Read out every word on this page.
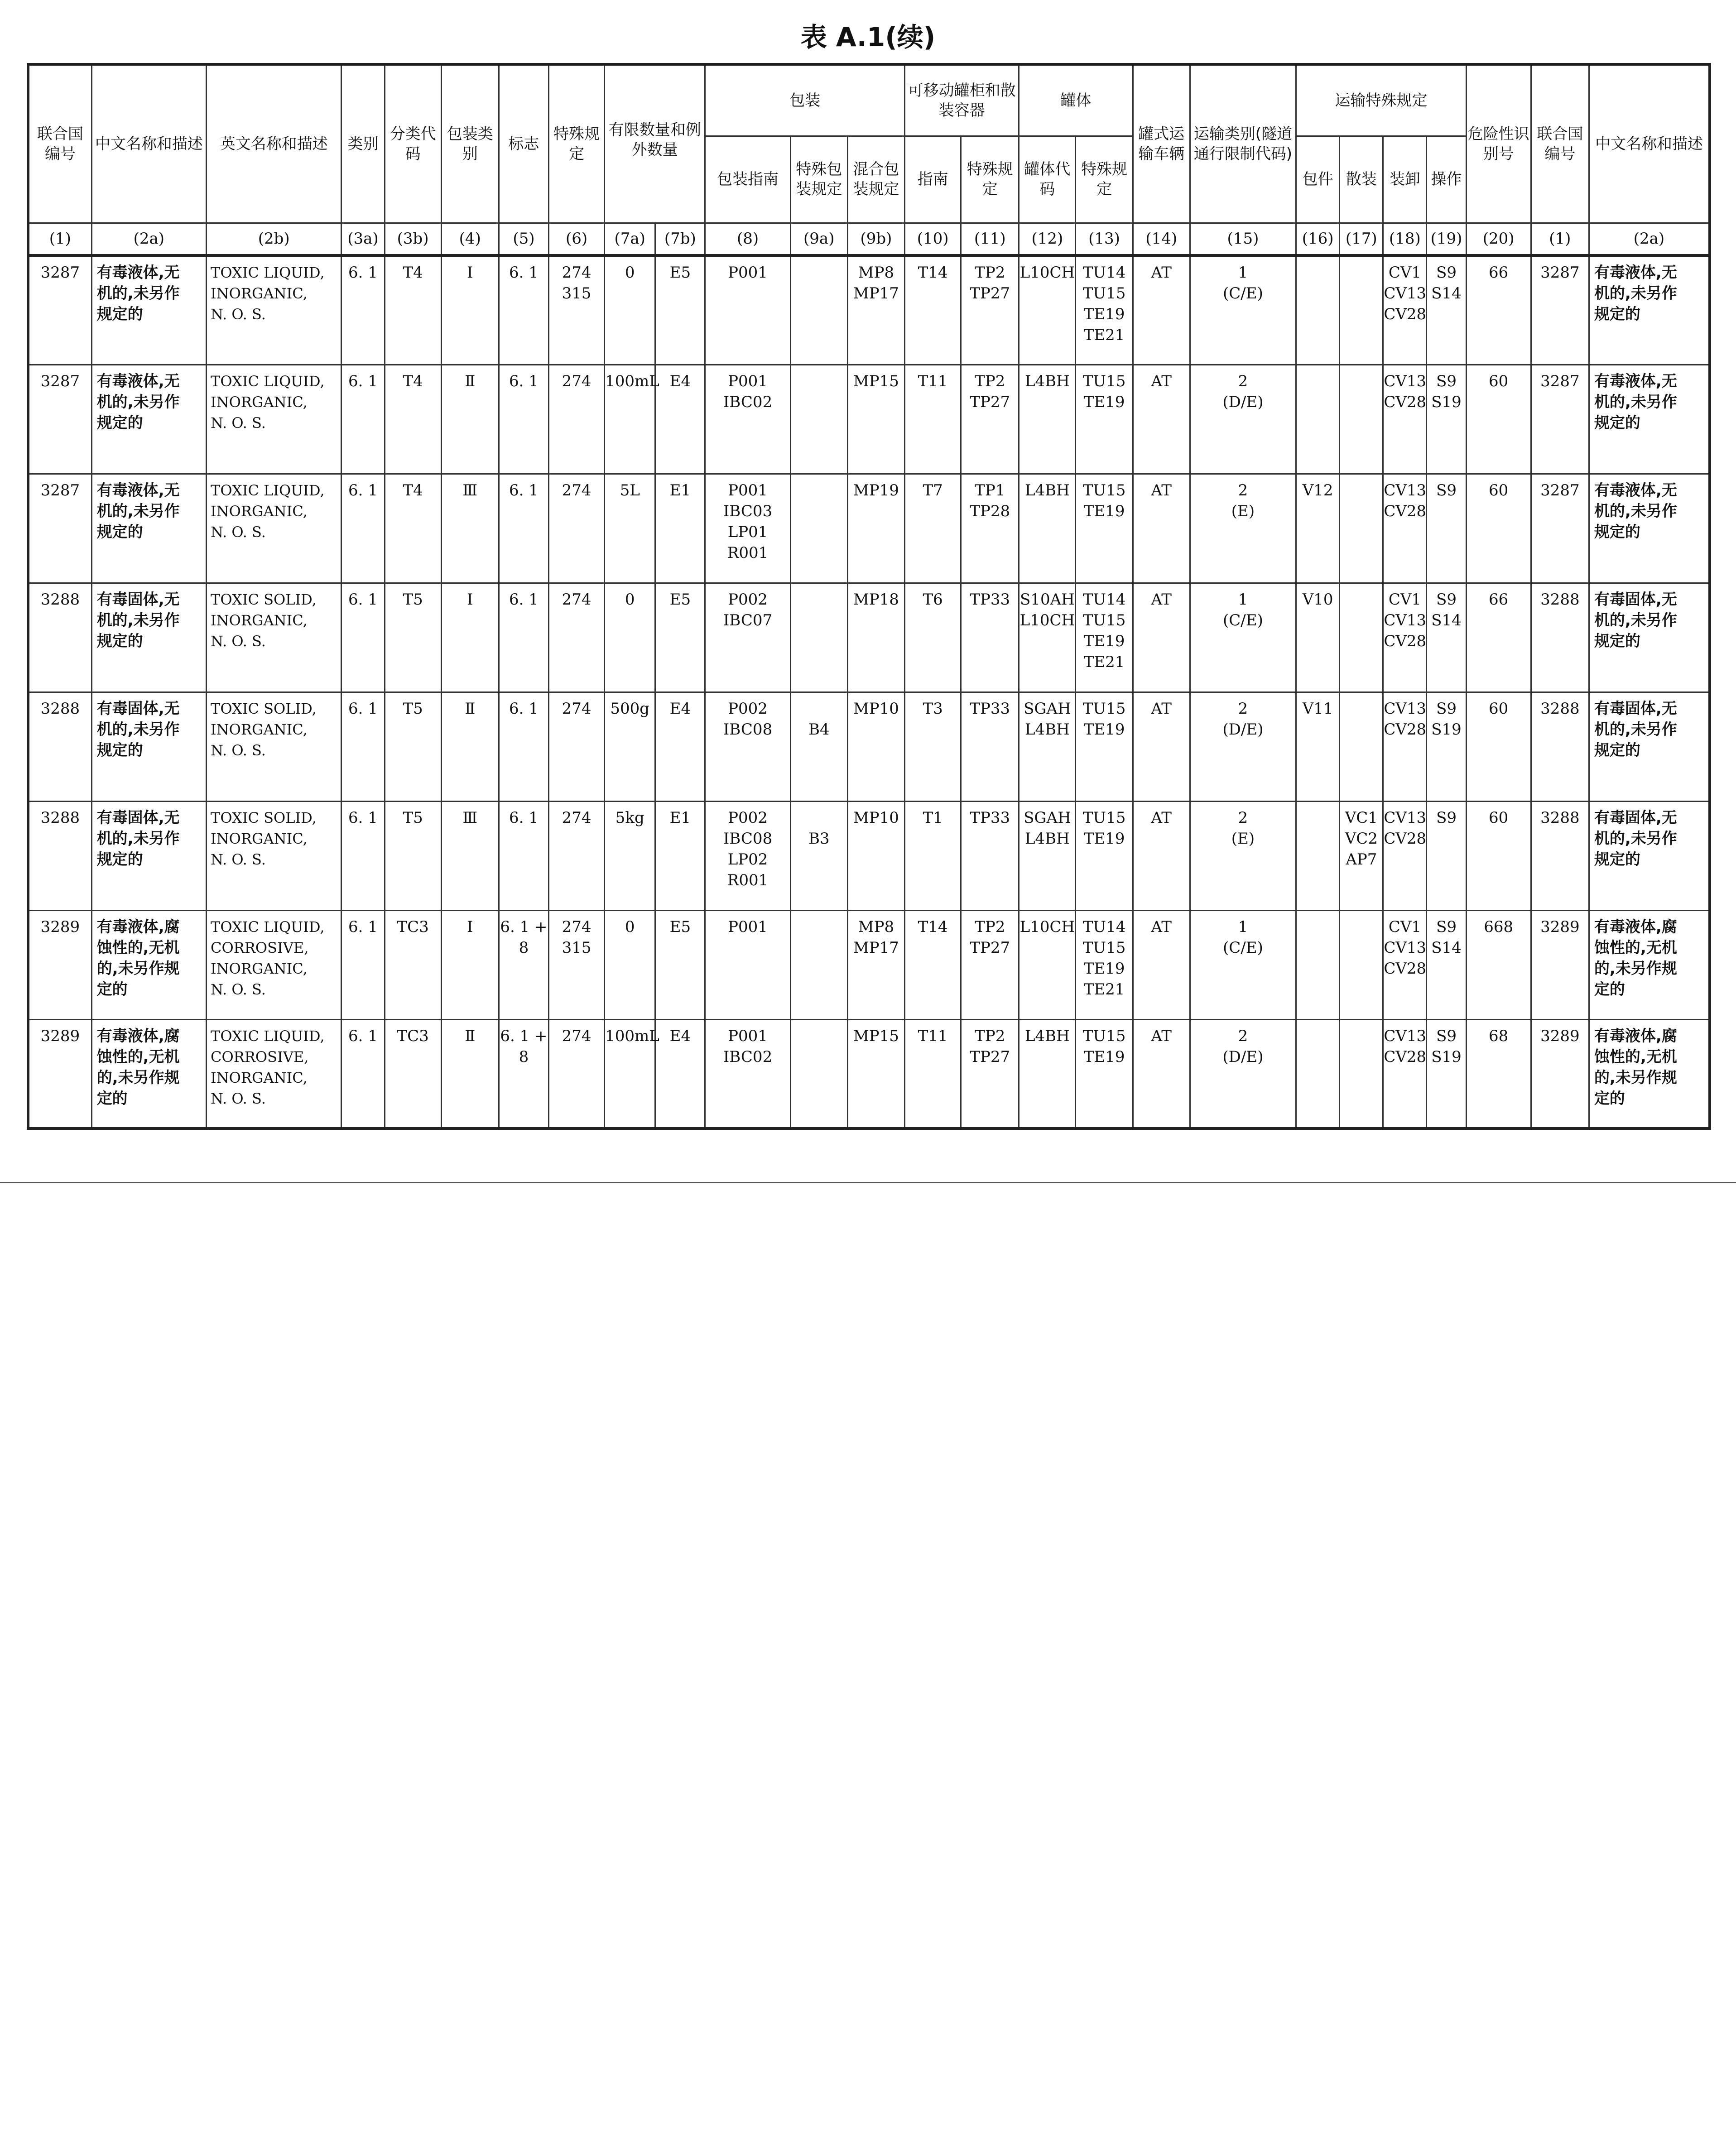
表 A.1(续)
联合国编号	中文名称和描述	英文名称和描述	类别	分类代码	包装类别	标志	特殊规定	有限数量和例外数量		包装			可移动罐柜和散装容器		罐体		罐式运输车辆	运输类别(隧道通行限制代码)	运输特殊规定				危险性识别号	联合国编号	中文名称和描述
										包装指南	特殊包装规定	混合包装规定	指南	特殊规定	罐体代码	特殊规定			包件	散装	装卸	操作			
(1)	(2a)	(2b)	(3a)	(3b)	(4)	(5)	(6)	(7a)	(7b)	(8)	(9a)	(9b)	(10)	(11)	(12)	(13)	(14)	(15)	(16)	(17)	(18)	(19)	(20)	(1)	(2a)
3287	有毒液体,无
机的,未另作
规定的	TOXIC LIQUID,
INORGANIC,
N. O. S.	6. 1	T4	Ⅰ	6. 1	274
315	0	E5	P001		MP8
MP17	T14	TP2
TP27	L10CH	TU14
TU15
TE19
TE21	AT	1
(C/E)			CV1
CV13
CV28	S9
S14	66	3287	有毒液体,无
机的,未另作
规定的

3287	有毒液体,无
机的,未另作
规定的	TOXIC LIQUID,
INORGANIC,
N. O. S.	6. 1	T4	Ⅱ	6. 1	274	100mL	E4	P001
IBC02		MP15	T11	TP2
TP27	L4BH	TU15
TE19	AT	2
(D/E)			CV13
CV28	S9
S19	60	3287	有毒液体,无
机的,未另作
规定的

3287	有毒液体,无
机的,未另作
规定的	TOXIC LIQUID,
INORGANIC,
N. O. S.	6. 1	T4	Ⅲ	6. 1	274	5L	E1	P001
IBC03
LP01
R001		MP19	T7	TP1
TP28	L4BH	TU15
TE19	AT	2
(E)	V12		CV13
CV28	S9	60	3287	有毒液体,无
机的,未另作
规定的

3288	有毒固体,无
机的,未另作
规定的	TOXIC SOLID,
INORGANIC,
N. O. S.	6. 1	T5	Ⅰ	6. 1	274	0	E5	P002
IBC07		MP18	T6	TP33	S10AH
L10CH	TU14
TU15
TE19
TE21	AT	1
(C/E)	V10		CV1
CV13
CV28	S9
S14	66	3288	有毒固体,无
机的,未另作
规定的

3288	有毒固体,无
机的,未另作
规定的	TOXIC SOLID,
INORGANIC,
N. O. S.	6. 1	T5	Ⅱ	6. 1	274	500g	E4	P002
IBC08	B4	MP10	T3	TP33	SGAH
L4BH	TU15
TE19	AT	2
(D/E)	V11		CV13
CV28	S9
S19	60	3288	有毒固体,无
机的,未另作
规定的

3288	有毒固体,无
机的,未另作
规定的	TOXIC SOLID,
INORGANIC,
N. O. S.	6. 1	T5	Ⅲ	6. 1	274	5kg	E1	P002
IBC08
LP02
R001	B3	MP10	T1	TP33	SGAH
L4BH	TU15
TE19	AT	2
(E)		VC1
VC2
AP7	CV13
CV28	S9	60	3288	有毒固体,无
机的,未另作
规定的

3289	有毒液体,腐
蚀性的,无机
的,未另作规
定的	TOXIC LIQUID,
CORROSIVE,
INORGANIC,
N. O. S.	6. 1	TC3	Ⅰ	6. 1 +
8	274
315	0	E5	P001		MP8
MP17	T14	TP2
TP27	L10CH	TU14
TU15
TE19
TE21	AT	1
(C/E)			CV1
CV13
CV28	S9
S14	668	3289	有毒液体,腐
蚀性的,无机
的,未另作规
定的

3289	有毒液体,腐
蚀性的,无机
的,未另作规
定的	TOXIC LIQUID,
CORROSIVE,
INORGANIC,
N. O. S.	6. 1	TC3	Ⅱ	6. 1 +
8	274	100mL	E4	P001
IBC02		MP15	T11	TP2
TP27	L4BH	TU15
TE19	AT	2
(D/E)			CV13
CV28	S9
S19	68	3289	有毒液体,腐
蚀性的,无机
的,未另作规
定的
